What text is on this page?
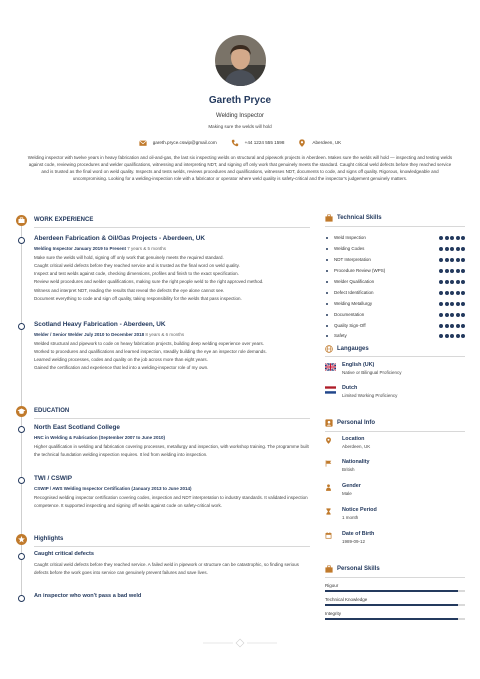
Gareth Pryce
Welding Inspector
Making sure the welds will hold
gareth.pryce.cswip@gmail.com	+44 1224 555 1598	Aberdeen, UK
Welding inspector with twelve years in heavy fabrication and oil-and-gas, the last six inspecting welds on structural and pipework projects in Aberdeen. Makes sure the welds will hold — inspecting and testing welds against code, reviewing procedures and welder qualifications, witnessing and interpreting NDT, and signing off only work that genuinely meets the standard. Caught critical weld defects before they reached service and is trusted as the final word on weld quality. Inspects and tests welds, reviews procedures and qualifications, witnesses NDT, documents to code, and signs off quality. Rigorous, knowledgeable and uncompromising. Looking for a welding-inspection role with a fabricator or operator where weld quality is safety-critical and the inspector's judgement genuinely matters.
WORK EXPERIENCE
Aberdeen Fabrication & Oil/Gas Projects - Aberdeen, UK
Welding Inspector January 2019 to Present 7 years & 5 months

Make sure the welds will hold, signing off only work that genuinely meets the required standard.

Caught critical weld defects before they reached service and is trusted as the final word on weld quality.

Inspect and test welds against code, checking dimensions, profiles and finish to the exact specification.

Review weld procedures and welder qualifications, making sure the right people weld to the right approved method.

Witness and interpret NDT, reading the results that reveal the defects the eye alone cannot see.

Document everything to code and sign off quality, taking responsibility for the welds that pass inspection.

Scotland Heavy Fabrication - Aberdeen, UK
Welder / Senior Welder July 2010 to December 2018 8 years & 6 months

Welded structural and pipework to code on heavy fabrication projects, building deep welding experience over years.

Worked to procedures and qualifications and learned inspection, steadily building the eye an inspector role demands.

Learned welding processes, codes and quality on the job across more than eight years.

Gained the certification and experience that led into a welding-inspector role of my own.

EDUCATION
North East Scotland College
HNC in Welding & Fabrication (September 2007 to June 2010)
Higher qualification in welding and fabrication covering processes, metallurgy and inspection, with workshop training. The programme built the technical foundation welding inspection requires. It led from welding into inspection.
TWI / CSWIP
CSWIP / AWS Welding Inspector Certification (January 2013 to June 2014)
Recognised welding inspector certification covering codes, inspection and NDT interpretation to industry standards. It validated inspection competence. It supported inspecting and signing off welds against code on safety-critical work.
Highlights
Caught critical defects
Caught critical weld defects before they reached service. A failed weld in pipework or structure can be catastrophic, so finding serious defects before the work goes into service can genuinely prevent failures and save lives.
An inspector who won't pass a bad weld
Technical Skills
Weld Inspection
Welding Codes
NDT Interpretation
Procedure Review (WPS)
Welder Qualification
Defect Identification
Welding Metallurgy
Documentation
Quality Sign-Off
Safety
Langauges
English (UK)
Native or Bilingual Proficiency
Dutch
Limited Working Proficiency
Personal Info
Location
Aberdeen, UK
Nationality
British
Gender
Male
Notice Period
1 month
Date of Birth
1989-09-12
Personal Skills
Rigour
Technical Knowledge
Integrity
